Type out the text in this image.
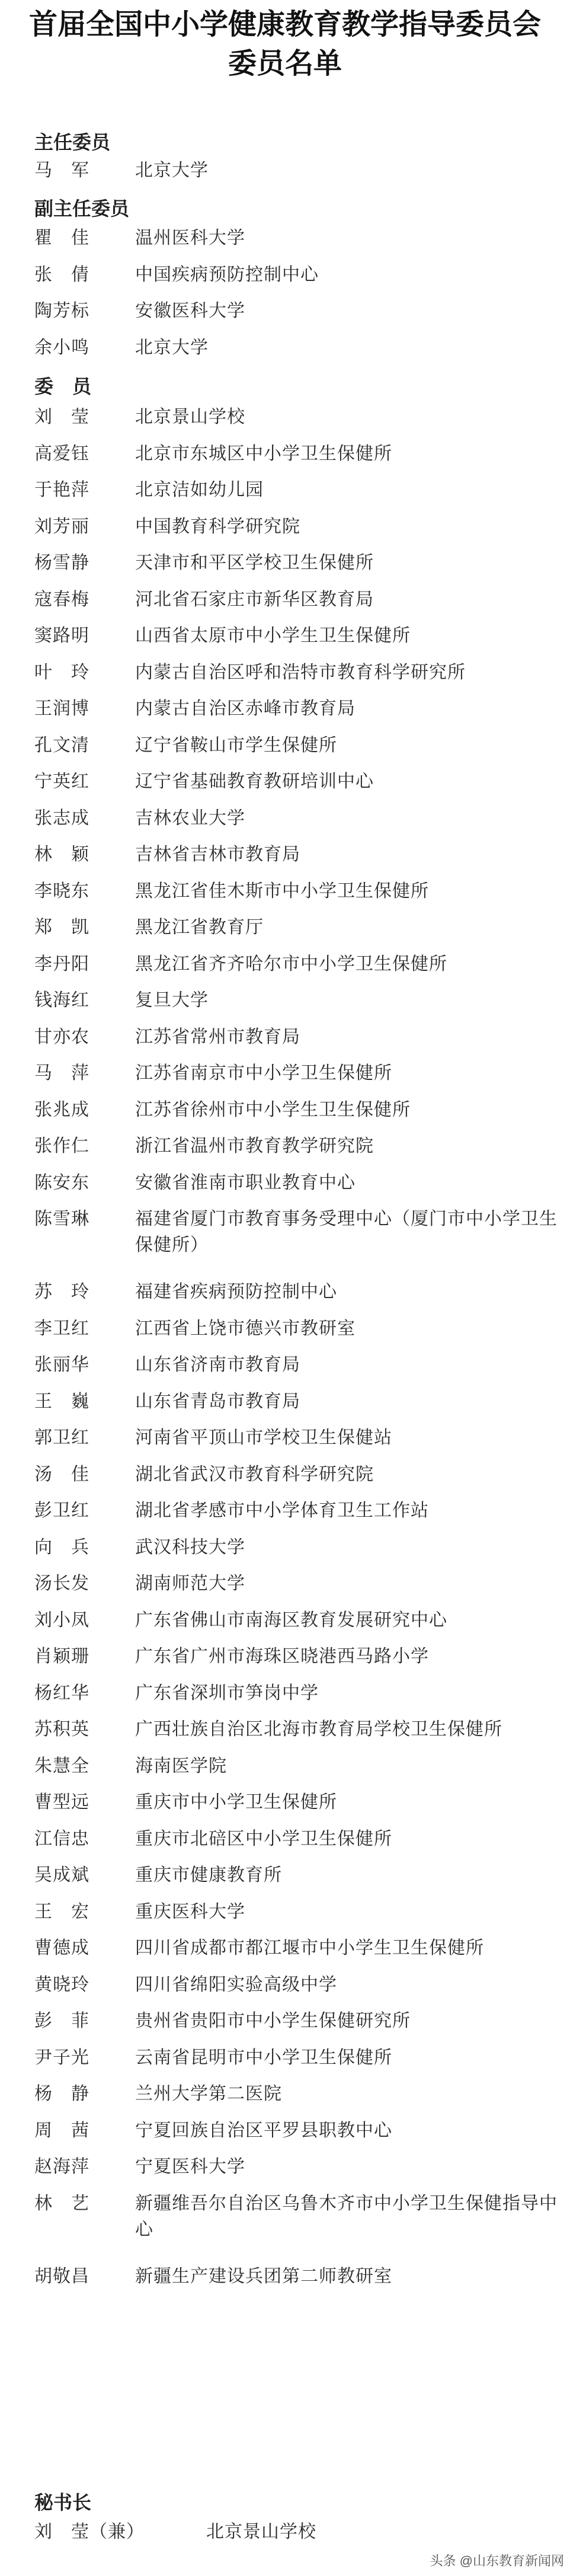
首届全国中小学健康教育教学指导委员会
委员名单
主任委员
马　军	北京大学
副主任委员
瞿　佳	温州医科大学
张　倩	中国疾病预防控制中心
陶芳标	安徽医科大学
余小鸣	北京大学
委　员
刘　莹	北京景山学校
高爱钰	北京市东城区中小学卫生保健所
于艳萍	北京洁如幼儿园
刘芳丽	中国教育科学研究院
杨雪静	天津市和平区学校卫生保健所
寇春梅	河北省石家庄市新华区教育局
窦路明	山西省太原市中小学生卫生保健所
叶　玲	内蒙古自治区呼和浩特市教育科学研究所
王润博	内蒙古自治区赤峰市教育局
孔文清	辽宁省鞍山市学生保健所
宁英红	辽宁省基础教育教研培训中心
张志成	吉林农业大学
林　颖	吉林省吉林市教育局
李晓东	黑龙江省佳木斯市中小学卫生保健所
郑　凯	黑龙江省教育厅
李丹阳	黑龙江省齐齐哈尔市中小学卫生保健所
钱海红	复旦大学
甘亦农	江苏省常州市教育局
马　萍	江苏省南京市中小学卫生保健所
张兆成	江苏省徐州市中小学生卫生保健所
张作仁	浙江省温州市教育教学研究院
陈安东	安徽省淮南市职业教育中心
陈雪琳	福建省厦门市教育事务受理中心（厦门市中小学卫生保健所）
苏　玲	福建省疾病预防控制中心
李卫红	江西省上饶市德兴市教研室
张丽华	山东省济南市教育局
王　巍	山东省青岛市教育局
郭卫红	河南省平顶山市学校卫生保健站
汤　佳	湖北省武汉市教育科学研究院
彭卫红	湖北省孝感市中小学体育卫生工作站
向　兵	武汉科技大学
汤长发	湖南师范大学
刘小凤	广东省佛山市南海区教育发展研究中心
肖颖珊	广东省广州市海珠区晓港西马路小学
杨红华	广东省深圳市笋岗中学
苏积英	广西壮族自治区北海市教育局学校卫生保健所
朱慧全	海南医学院
曹型远	重庆市中小学卫生保健所
江信忠	重庆市北碚区中小学卫生保健所
吴成斌	重庆市健康教育所
王　宏	重庆医科大学
曹德成	四川省成都市都江堰市中小学生卫生保健所
黄晓玲	四川省绵阳实验高级中学
彭　菲	贵州省贵阳市中小学生保健研究所
尹子光	云南省昆明市中小学卫生保健所
杨　静	兰州大学第二医院
周　茜	宁夏回族自治区平罗县职教中心
赵海萍	宁夏医科大学
林　艺	新疆维吾尔自治区乌鲁木齐市中小学卫生保健指导中心
胡敬昌	新疆生产建设兵团第二师教研室
秘书长
刘　莹（兼）	北京景山学校
头条 @山东教育新闻网
